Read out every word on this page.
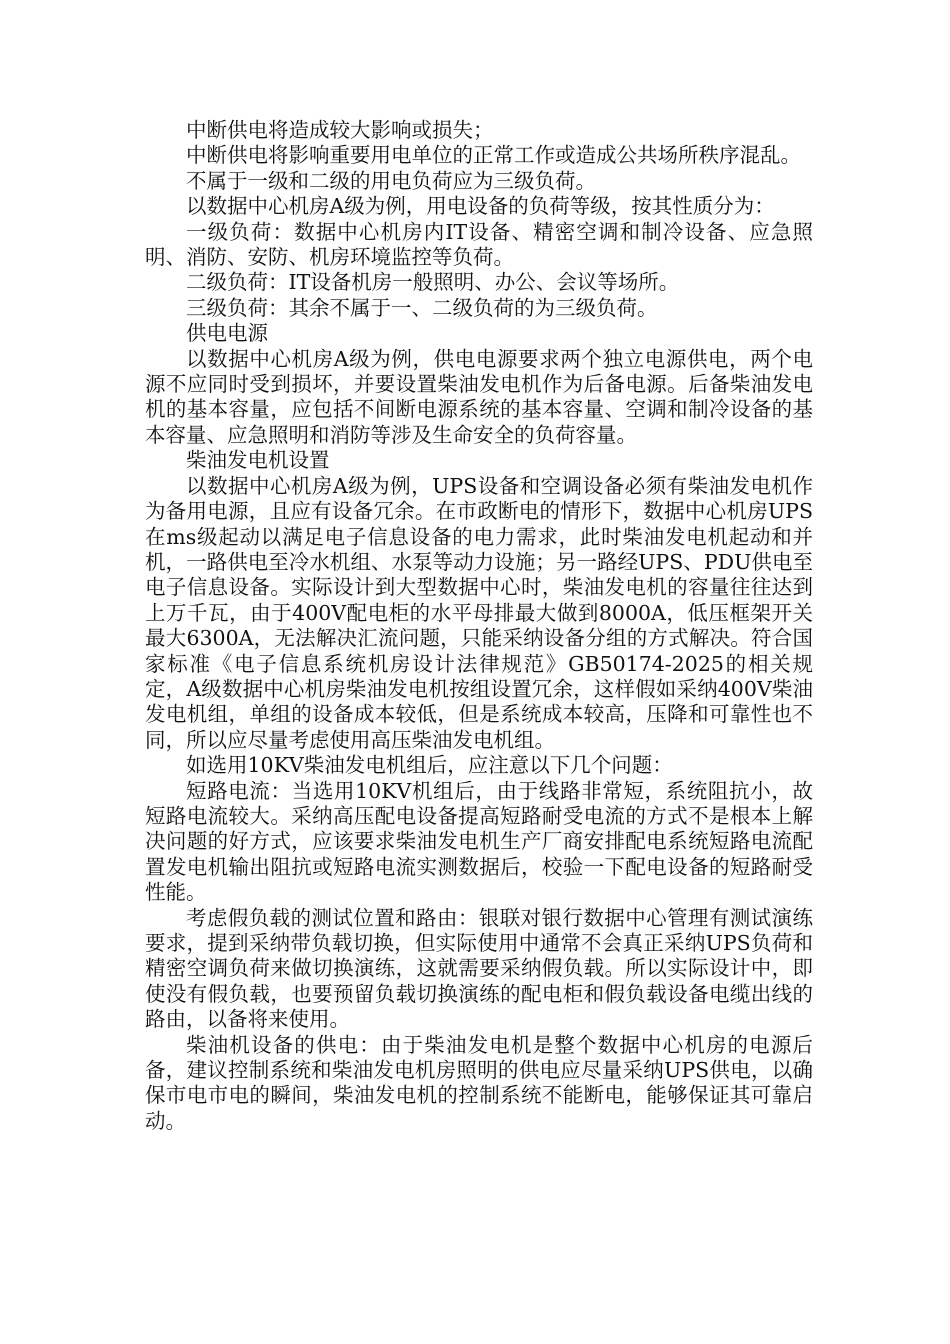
中断供电将造成较大影响或损失；

中断供电将影响重要用电单位的正常工作或造成公共场所秩序混乱。

不属于一级和二级的用电负荷应为三级负荷。

以数据中心机房A级为例，用电设备的负荷等级，按其性质分为：

一级负荷：数据中心机房内IT设备、精密空调和制冷设备、应急照明、消防、安防、机房环境监控等负荷。

二级负荷：IT设备机房一般照明、办公、会议等场所。

三级负荷：其余不属于一、二级负荷的为三级负荷。

供电电源

以数据中心机房A级为例，供电电源要求两个独立电源供电，两个电源不应同时受到损坏，并要设置柴油发电机作为后备电源。后备柴油发电机的基本容量，应包括不间断电源系统的基本容量、空调和制冷设备的基本容量、应急照明和消防等涉及生命安全的负荷容量。

柴油发电机设置

以数据中心机房A级为例，UPS设备和空调设备必须有柴油发电机作为备用电源，且应有设备冗余。在市政断电的情形下，数据中心机房UPS在ms级起动以满足电子信息设备的电力需求，此时柴油发电机起动和并机，一路供电至冷水机组、水泵等动力设施；另一路经UPS、PDU供电至电子信息设备。实际设计到大型数据中心时，柴油发电机的容量往往达到上万千瓦，由于400V配电柜的水平母排最大做到8000A，低压框架开关最大6300A，无法解决汇流问题，只能采纳设备分组的方式解决。符合国家标准《电子信息系统机房设计法律规范》GB50174-2025的相关规定，A级数据中心机房柴油发电机按组设置冗余，这样假如采纳400V柴油发电机组，单组的设备成本较低，但是系统成本较高，压降和可靠性也不同，所以应尽量考虑使用高压柴油发电机组。

如选用10KV柴油发电机组后，应注意以下几个问题：

短路电流：当选用10KV机组后，由于线路非常短，系统阻抗小，故短路电流较大。采纳高压配电设备提高短路耐受电流的方式不是根本上解决问题的好方式，应该要求柴油发电机生产厂商安排配电系统短路电流配置发电机输出阻抗或短路电流实测数据后，校验一下配电设备的短路耐受性能。

考虑假负载的测试位置和路由：银联对银行数据中心管理有测试演练要求，提到采纳带负载切换，但实际使用中通常不会真正采纳UPS负荷和精密空调负荷来做切换演练，这就需要采纳假负载。所以实际设计中，即使没有假负载，也要预留负载切换演练的配电柜和假负载设备电缆出线的路由，以备将来使用。

柴油机设备的供电：由于柴油发电机是整个数据中心机房的电源后备，建议控制系统和柴油发电机房照明的供电应尽量采纳UPS供电，以确保市电市电的瞬间，柴油发电机的控制系统不能断电，能够保证其可靠启动。
